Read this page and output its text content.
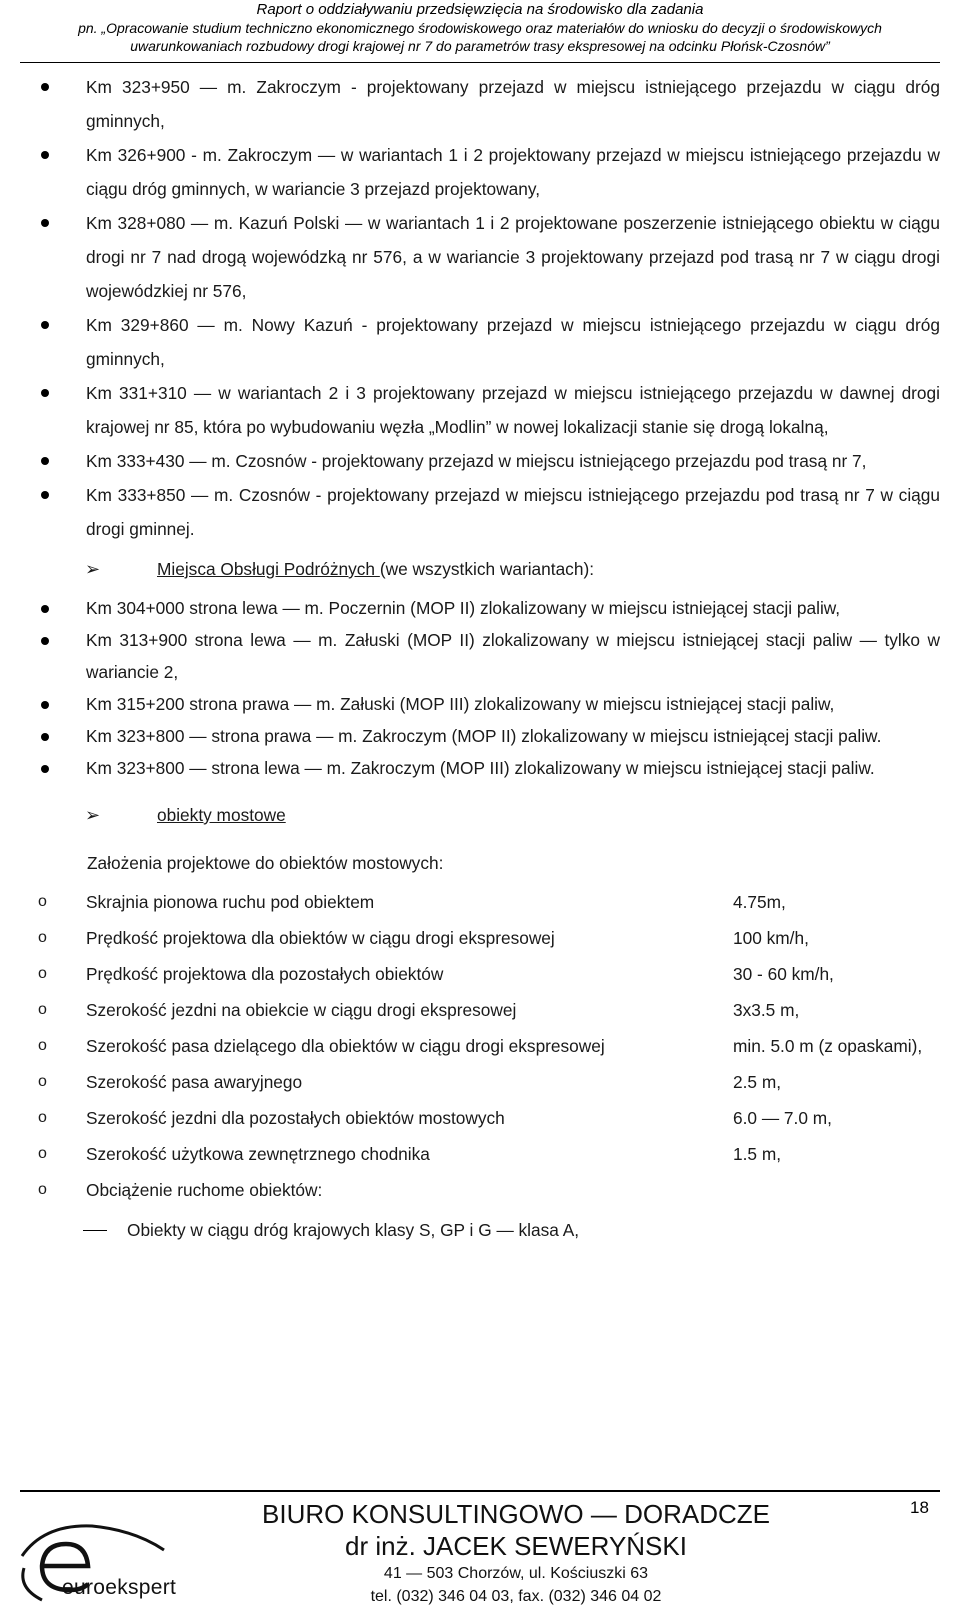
Raport o oddziaływaniu przedsięwzięcia na środowisko dla zadania
pn. „Opracowanie studium techniczno ekonomicznego środowiskowego oraz materiałów do wniosku do decyzji o środowiskowych
uwarunkowaniach rozbudowy drogi krajowej nr 7 do parametrów trasy ekspresowej na odcinku Płońsk-Czosnów”
Km 323+950 — m. Zakroczym - projektowany przejazd w miejscu istniejącego przejazdu w ciągu dróg gminnych,
Km 326+900 - m. Zakroczym — w wariantach 1 i 2 projektowany przejazd w miejscu istniejącego przejazdu w ciągu dróg gminnych, w wariancie 3 przejazd projektowany,
Km 328+080 — m. Kazuń Polski — w wariantach 1 i 2 projektowane poszerzenie istniejącego obiektu w ciągu drogi nr 7 nad drogą wojewódzką nr 576, a w wariancie 3 projektowany przejazd pod trasą nr 7 w ciągu drogi wojewódzkiej nr 576,
Km 329+860 — m. Nowy Kazuń - projektowany przejazd w miejscu istniejącego przejazdu w ciągu dróg gminnych,
Km 331+310 — w wariantach 2 i 3 projektowany przejazd w miejscu istniejącego przejazdu w dawnej drogi krajowej nr 85, która po wybudowaniu węzła „Modlin” w nowej lokalizacji stanie się drogą lokalną,
Km 333+430 — m. Czosnów - projektowany przejazd w miejscu istniejącego przejazdu pod trasą nr 7,
Km 333+850 — m. Czosnów - projektowany przejazd w miejscu istniejącego przejazdu pod trasą nr 7 w ciągu drogi gminnej.
➢	Miejsca Obsługi Podróżnych (we wszystkich wariantach):
Km 304+000 strona lewa — m. Poczernin (MOP II) zlokalizowany w miejscu istniejącej stacji paliw,
Km 313+900 strona lewa — m. Załuski (MOP II) zlokalizowany w miejscu istniejącej stacji paliw — tylko w wariancie 2,
Km 315+200 strona prawa — m. Załuski (MOP III) zlokalizowany w miejscu istniejącej stacji paliw,
Km 323+800 — strona prawa — m. Zakroczym (MOP II) zlokalizowany w miejscu istniejącej stacji paliw.
Km 323+800 — strona lewa — m. Zakroczym (MOP III) zlokalizowany w miejscu istniejącej stacji paliw.
➢	obiekty mostowe
Założenia projektowe do obiektów mostowych:
o Skrajnia pionowa ruchu pod obiektem	4.75m,
o Prędkość projektowa dla obiektów w ciągu drogi ekspresowej	100 km/h,
o Prędkość projektowa dla pozostałych obiektów	30 - 60 km/h,
o Szerokość jezdni na obiekcie w ciągu drogi ekspresowej	3x3.5 m,
o Szerokość pasa dzielącego dla obiektów w ciągu drogi ekspresowej	min. 5.0 m (z opaskami),
o Szerokość pasa awaryjnego	2.5 m,
o Szerokość jezdni dla pozostałych obiektów mostowych	6.0 — 7.0 m,
o Szerokość użytkowa zewnętrznego chodnika	1.5 m,
o Obciążenie ruchome obiektów:
Obiekty w ciągu dróg krajowych klasy S, GP i G — klasa A,
euroekspert
BIURO KONSULTINGOWO — DORADCZE
dr inż. JACEK SEWERYŃSKI
41 — 503 Chorzów, ul. Kościuszki 63
tel. (032) 346 04 03, fax. (032) 346 04 02
18
